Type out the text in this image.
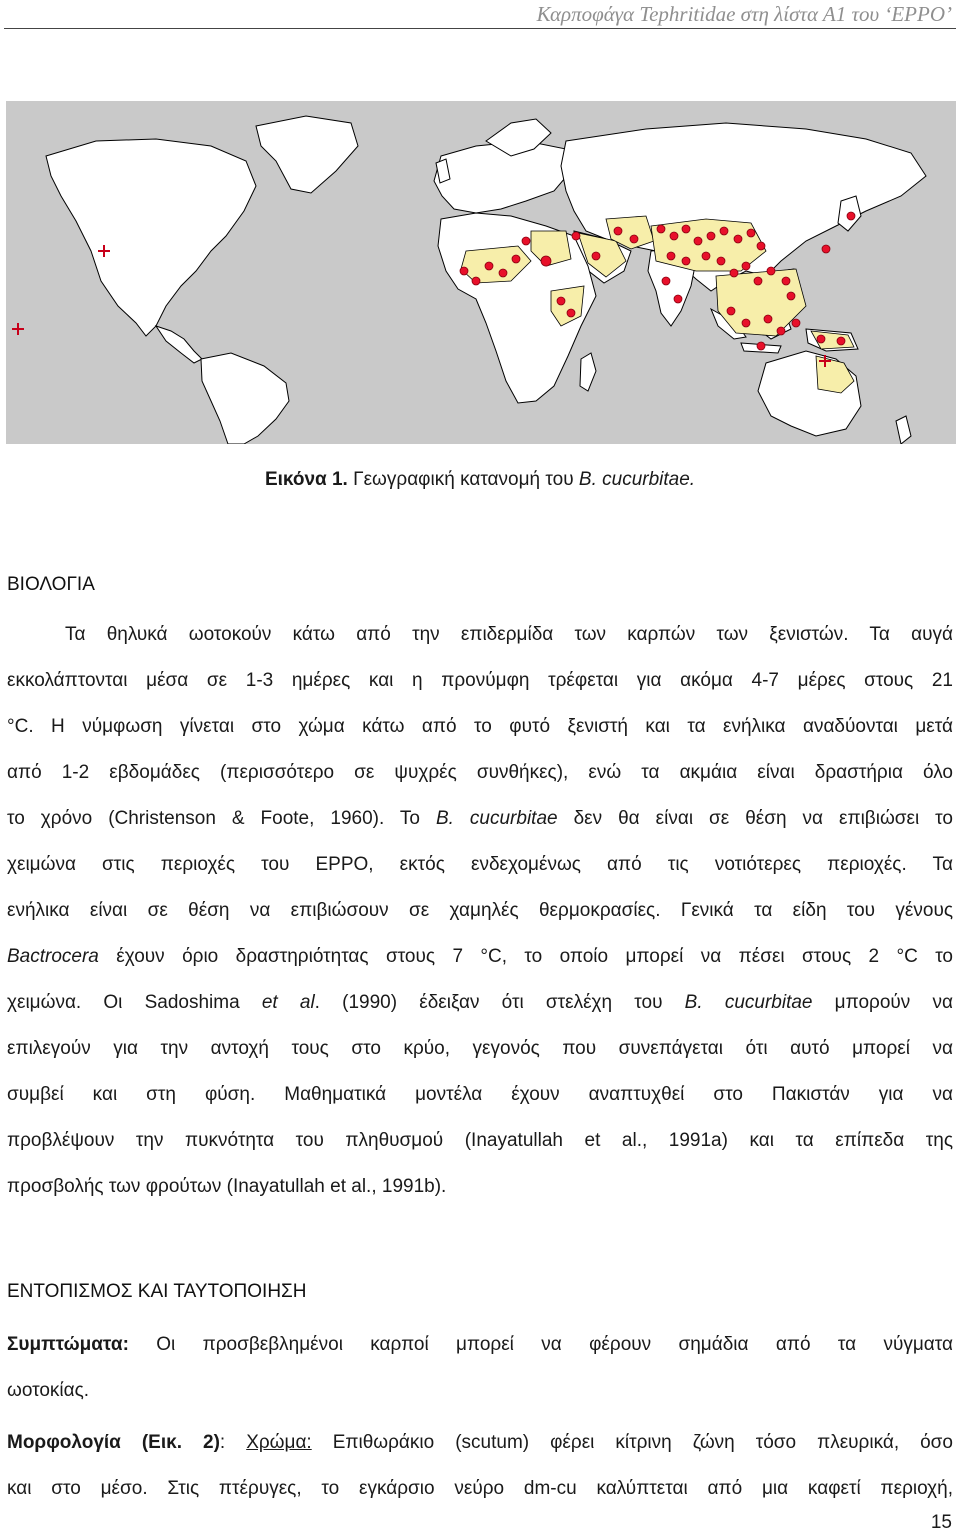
Καρποφάγα Tephritidae στη λίστα Α1 του ‘EPPO’
Εικόνα 1. Γεωγραφική κατανομή του B. cucurbitae.
ΒΙΟΛΟΓΙΑ
Τα θηλυκά ωοτοκούν κάτω από την επιδερμίδα των καρπών των ξενιστών. Τα αυγά
εκκολάπτονται μέσα σε 1-3 ημέρες και η προνύμφη τρέφεται για ακόμα 4-7 μέρες στους 21
°C. Η νύμφωση γίνεται στο χώμα κάτω από το φυτό ξενιστή και τα ενήλικα αναδύονται μετά
από 1-2 εβδομάδες (περισσότερο σε ψυχρές συνθήκες), ενώ τα ακμάια είναι δραστήρια όλο
το χρόνο (Christenson & Foote, 1960). Το B. cucurbitae δεν θα είναι σε θέση να επιβιώσει το
χειμώνα στις περιοχές του EPPO, εκτός ενδεχομένως από τις νοτιότερες περιοχές. Τα
ενήλικα είναι σε θέση να επιβιώσουν σε χαμηλές θερμοκρασίες. Γενικά τα είδη του γένους
Bactrocera έχουν όριο δραστηριότητας στους 7 °C, το οποίο μπορεί να πέσει στους 2 °C το
χειμώνα. Οι Sadoshima et al. (1990) έδειξαν ότι στελέχη του B. cucurbitae μπορούν να
επιλεγούν για την αντοχή τους στο κρύο, γεγονός που συνεπάγεται ότι αυτό μπορεί να
συμβεί και στη φύση. Μαθηματικά μοντέλα έχουν αναπτυχθεί στο Πακιστάν για να
προβλέψουν την πυκνότητα του πληθυσμού (Inayatullah et al., 1991a) και τα επίπεδα της
προσβολής των φρούτων (Inayatullah et al., 1991b).
ΕΝΤΟΠΙΣΜΟΣ ΚΑΙ ΤΑΥΤΟΠΟΙΗΣΗ
Συμπτώματα: Οι προσβεβλημένοι καρποί μπορεί να φέρουν σημάδια από τα νύγματα
ωοτοκίας.
Μορφολογία (Εικ. 2): Χρώμα: Επιθωράκιο (scutum) φέρει κίτρινη ζώνη τόσο πλευρικά, όσο
και στο μέσο. Στις πτέρυγες, το εγκάρσιο νεύρο dm-cu καλύπτεται από μια καφετί περιοχή,
15
